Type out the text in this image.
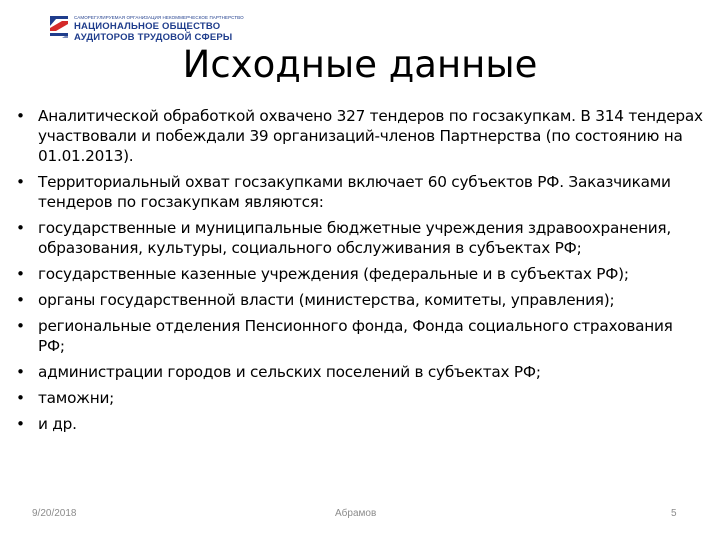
САМОРЕГУЛИРУЕМАЯ ОРГАНИЗАЦИЯ НЕКОММЕРЧЕСКОЕ ПАРТНЕРСТВО
НАЦИОНАЛЬНОЕ ОБЩЕСТВО
АУДИТОРОВ ТРУДОВОЙ СФЕРЫ
Исходные данные
• Аналитической обработкой охвачено 327 тендеров по госзакупкам. В 314 тендерах участвовали и побеждали 39 организаций-членов Партнерства (по состоянию на 01.01.2013).
• Территориальный охват госзакупками включает 60 субъектов РФ. Заказчиками тендеров по госзакупкам являются:
• государственные и муниципальные бюджетные учреждения здравоохранения, образования, культуры, социального обслуживания в субъектах РФ;
• государственные казенные учреждения (федеральные и в субъектах РФ);
• органы государственной власти (министерства, комитеты, управления);
• региональные отделения Пенсионного фонда, Фонда социального страхования РФ;
• администрации городов и сельских поселений в субъектах РФ;
• таможни;
• и др.
9/20/2018	Абрамов	5
